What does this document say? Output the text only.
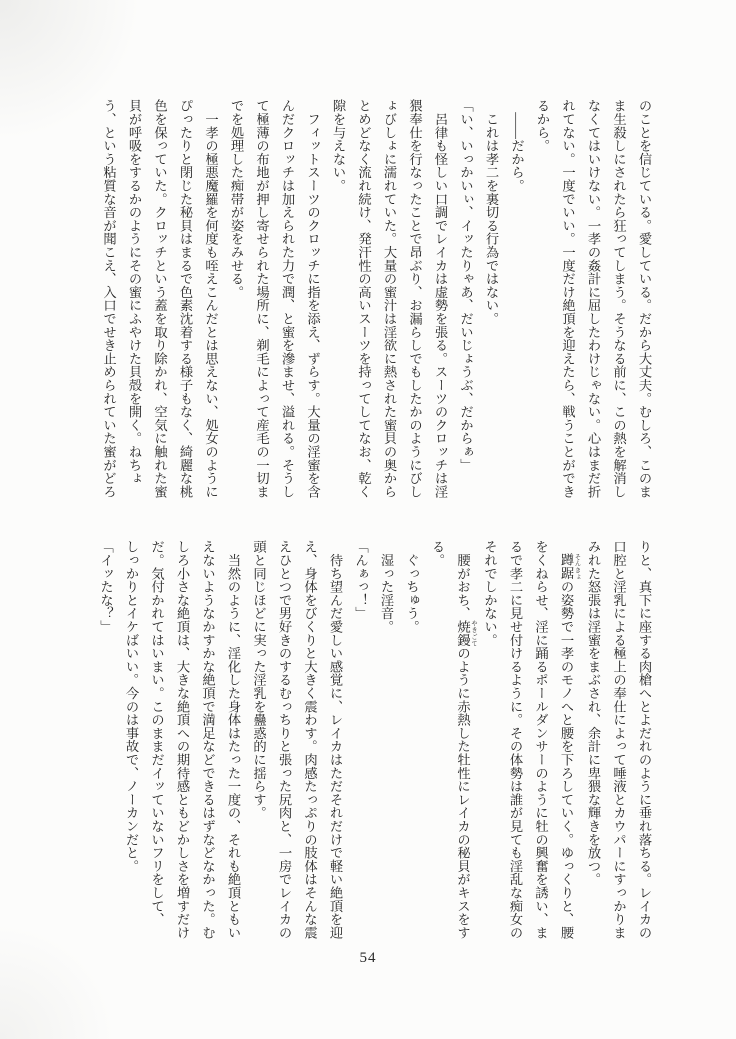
のことを信じている。愛している。だから大丈夫。むしろ、このま
ま生殺しにされたら狂ってしまう。そうなる前に、この熱を解消し
なくてはいけない。一孝の姦計に屈したわけじゃない。心はまだ折
れてない。一度でいい。一度だけ絶頂を迎えたら、戦うことができ
るから。
　――だから。
　これは孝二を裏切る行為ではない。
「い、いっかいぃ、イッたりゃあ、だいじょうぶ、だからぁ」
　呂律も怪しい口調でレイカは虚勢を張る。スーツのクロッチは淫
猥奉仕を行なったことで昂ぶり、お漏らしでもしたかのようにびし
ょびしょに濡れていた。大量の蜜汁は淫欲に熱された蜜貝の奥から
とめどなく流れ続け、発汗性の高いスーツを持ってしてなお、乾く
隙を与えない。
　フィットスーツのクロッチに指を添え、ずらす。大量の淫蜜を含
んだクロッチは加えられた力で潤、と蜜を滲ませ、溢れる。そうし
て極薄の布地が押し寄せられた場所に、剃毛によって産毛の一切ま
でを処理した痴帯が姿をみせる。
　一孝の極悪魔羅を何度も咥えこんだとは思えない、処女のように
ぴったりと閉じた秘貝はまるで色素沈着する様子もなく、綺麗な桃
色を保っていた。クロッチという蓋を取り除かれ、空気に触れた蜜
貝が呼吸をするかのようにその蜜にふやけた貝殻を開く。ねちょ
う、という粘質な音が聞こえ、入口でせき止められていた蜜がどろ
りと、真下に座する肉槍へとよだれのように垂れ落ちる。レイカの
口腔と淫乳による極上の奉仕によって唾液とカウパーにすっかりま
みれた怒張は淫蜜をまぶされ、余計に卑猥な輝きを放つ。
　蹲踞 そんきょの姿勢で一孝のモノへと腰を下ろしていく。ゆっくりと、腰
をくねらせ、淫に踊るポールダンサーのように牡の興奮を誘い、ま
るで孝二に見せ付けるように。その体勢は誰が見ても淫乱な痴女の
それでしかない。
　腰がおち、焼鏝 やきごてのように赤熱した牡性にレイカの秘貝がキスをす
る。
　ぐっちゅう。
　湿った淫音。
「んぁっ！」
　待ち望んだ愛しい感覚に、レイカはただそれだけで軽い絶頂を迎
え、身体をびくりと大きく震わす。肉感たっぷりの肢体はそんな震
えひとつで男好きのするむっちりと張った尻肉と、一房でレイカの
頭と同じほどに実った淫乳を蠱惑的に揺らす。
　当然のように、淫化した身体はたった一度の、それも絶頂ともい
えないようなかすかな絶頂で満足などできるはずなどなかった。む
しろ小さな絶頂は、大きな絶頂への期待感ともどかしさを増すだけ
だ。気付かれてはいまい。このままだイッていないフリをして、
しっかりとイケばいい。今のは事故で、ノーカンだと。
「イッたな？」
54
